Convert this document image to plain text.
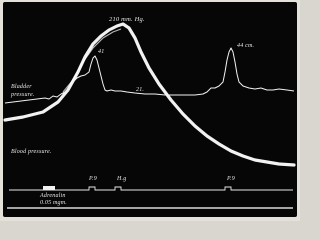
210 mm. Hg.
41
44 cm.
21.
Bladder
pressure.
Blood pressure.
P.9	H.g	P.9
Adrenalin
0.05 mgm.
